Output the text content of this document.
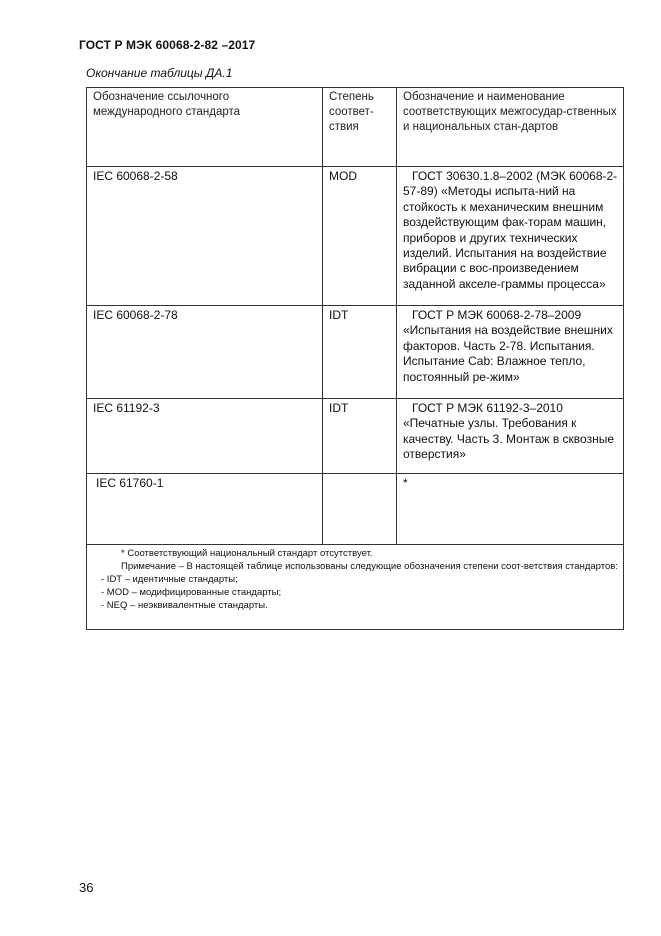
ГОСТ Р МЭК 60068-2-82 –2017
Окончание таблицы ДА.1
Обозначение ссылочного международного стандарта	Степень соответ-ствия	Обозначение и наименование соответствующих межгосудар-ственных и национальных стан-дартов
IEC 60068-2-58	MOD	ГОСТ 30630.1.8–2002 (МЭК 60068-2-57-89) «Методы испыта-ний на стойкость к механическим внешним воздействующим фак-торам машин, приборов и других технических изделий. Испытания на воздействие вибрации с вос-произведением заданной акселе-граммы процесса»

IEC 60068-2-78	IDT	ГОСТ Р МЭК 60068-2-78–2009 «Испытания на воздействие внешних факторов. Часть 2-78. Испытания. Испытание Cab: Влажное тепло, постоянный ре-жим»

IEC 61192-3	IDT	ГОСТ Р МЭК 61192-3–2010 «Печатные узлы. Требования к качеству. Часть 3. Монтаж в сквозные отверстия»

IEC 61760-1		*

* Соответствующий национальный стандарт отсутствует.
Примечание – В настоящей таблице использованы следующие обозначения степени соот-ветствия стандартов:
- IDT – идентичные стандарты;
- MOD – модифицированные стандарты;
- NEQ – неэквивалентные стандарты.		
36
